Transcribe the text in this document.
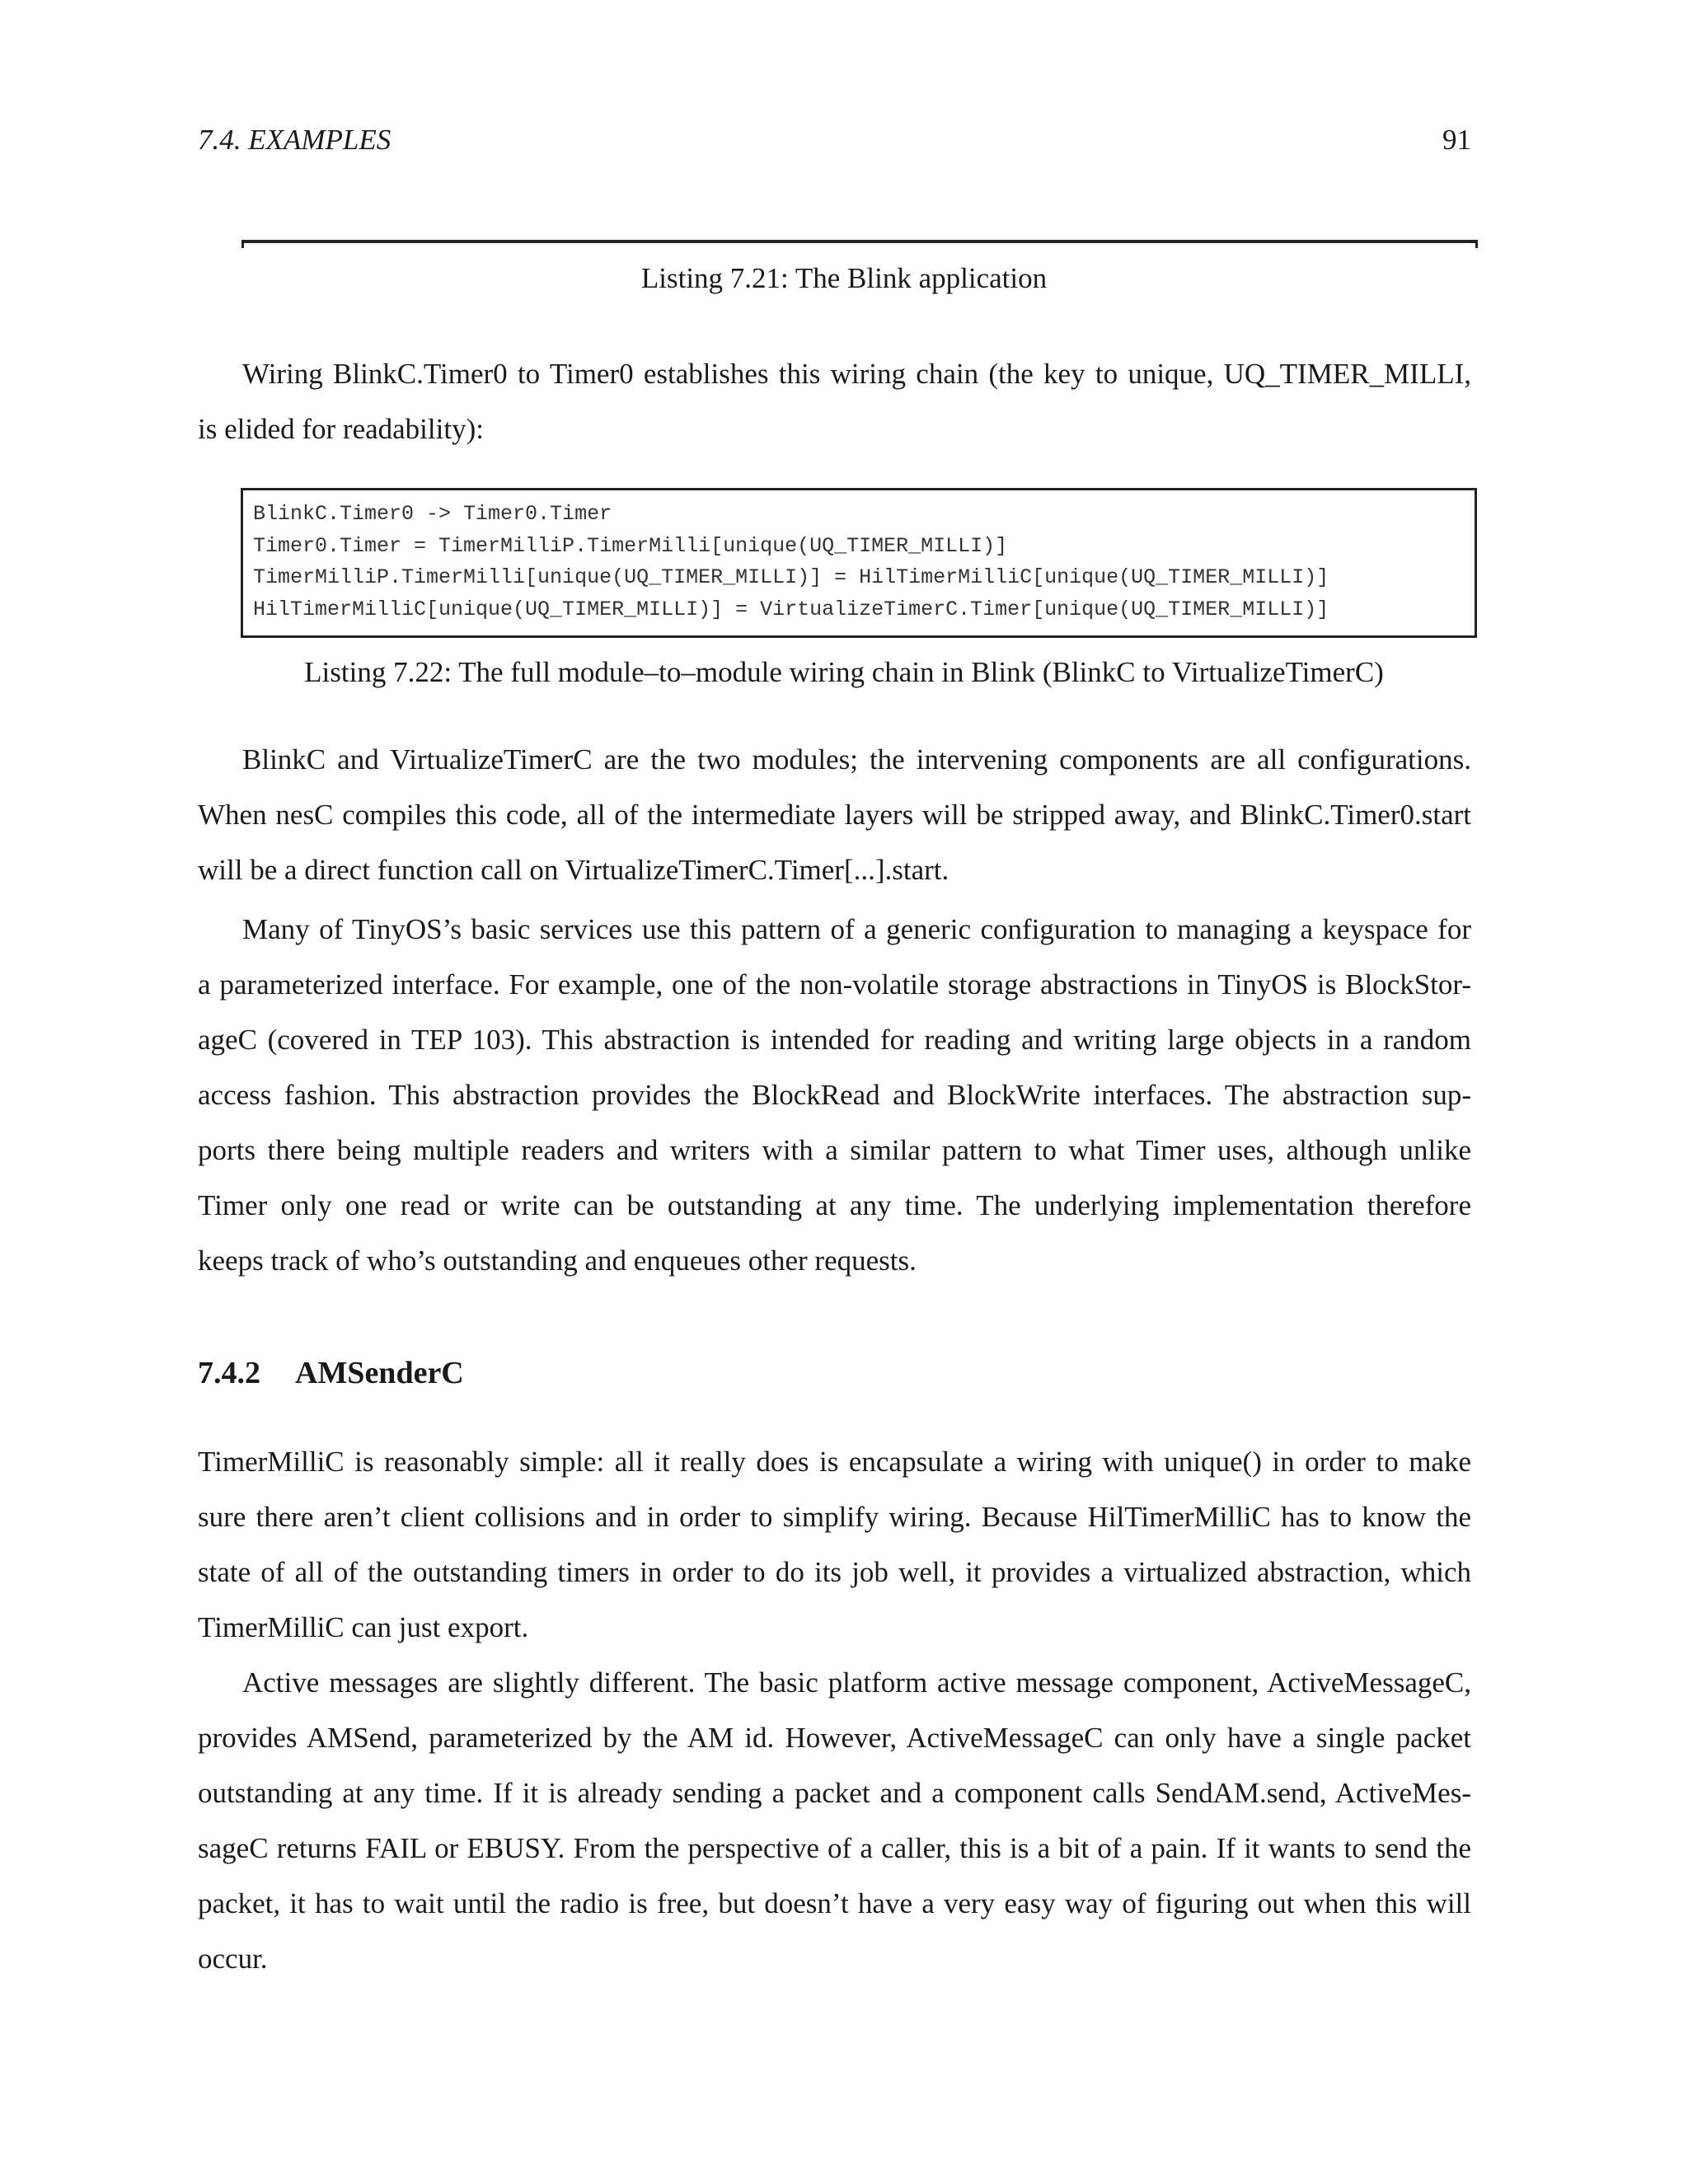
7.4. EXAMPLES	91
Listing 7.21: The Blink application
Wiring BlinkC.Timer0 to Timer0 establishes this wiring chain (the key to unique, UQ_TIMER_MILLI,
is elided for readability):
BlinkC.Timer0 -> Timer0.Timer
Timer0.Timer = TimerMilliP.TimerMilli[unique(UQ_TIMER_MILLI)]
TimerMilliP.TimerMilli[unique(UQ_TIMER_MILLI)] = HilTimerMilliC[unique(UQ_TIMER_MILLI)]
HilTimerMilliC[unique(UQ_TIMER_MILLI)] = VirtualizeTimerC.Timer[unique(UQ_TIMER_MILLI)]
Listing 7.22: The full module–to–module wiring chain in Blink (BlinkC to VirtualizeTimerC)
BlinkC and VirtualizeTimerC are the two modules; the intervening components are all configurations.
When nesC compiles this code, all of the intermediate layers will be stripped away, and BlinkC.Timer0.start
will be a direct function call on VirtualizeTimerC.Timer[...].start.
Many of TinyOS’s basic services use this pattern of a generic configuration to managing a keyspace for
a parameterized interface. For example, one of the non-volatile storage abstractions in TinyOS is BlockStor-
ageC (covered in TEP 103). This abstraction is intended for reading and writing large objects in a random
access fashion. This abstraction provides the BlockRead and BlockWrite interfaces. The abstraction sup-
ports there being multiple readers and writers with a similar pattern to what Timer uses, although unlike
Timer only one read or write can be outstanding at any time. The underlying implementation therefore
keeps track of who’s outstanding and enqueues other requests.
7.4.2 AMSenderC
TimerMilliC is reasonably simple: all it really does is encapsulate a wiring with unique() in order to make
sure there aren’t client collisions and in order to simplify wiring. Because HilTimerMilliC has to know the
state of all of the outstanding timers in order to do its job well, it provides a virtualized abstraction, which
TimerMilliC can just export.
Active messages are slightly different. The basic platform active message component, ActiveMessageC,
provides AMSend, parameterized by the AM id. However, ActiveMessageC can only have a single packet
outstanding at any time. If it is already sending a packet and a component calls SendAM.send, ActiveMes-
sageC returns FAIL or EBUSY. From the perspective of a caller, this is a bit of a pain. If it wants to send the
packet, it has to wait until the radio is free, but doesn’t have a very easy way of figuring out when this will
occur.
